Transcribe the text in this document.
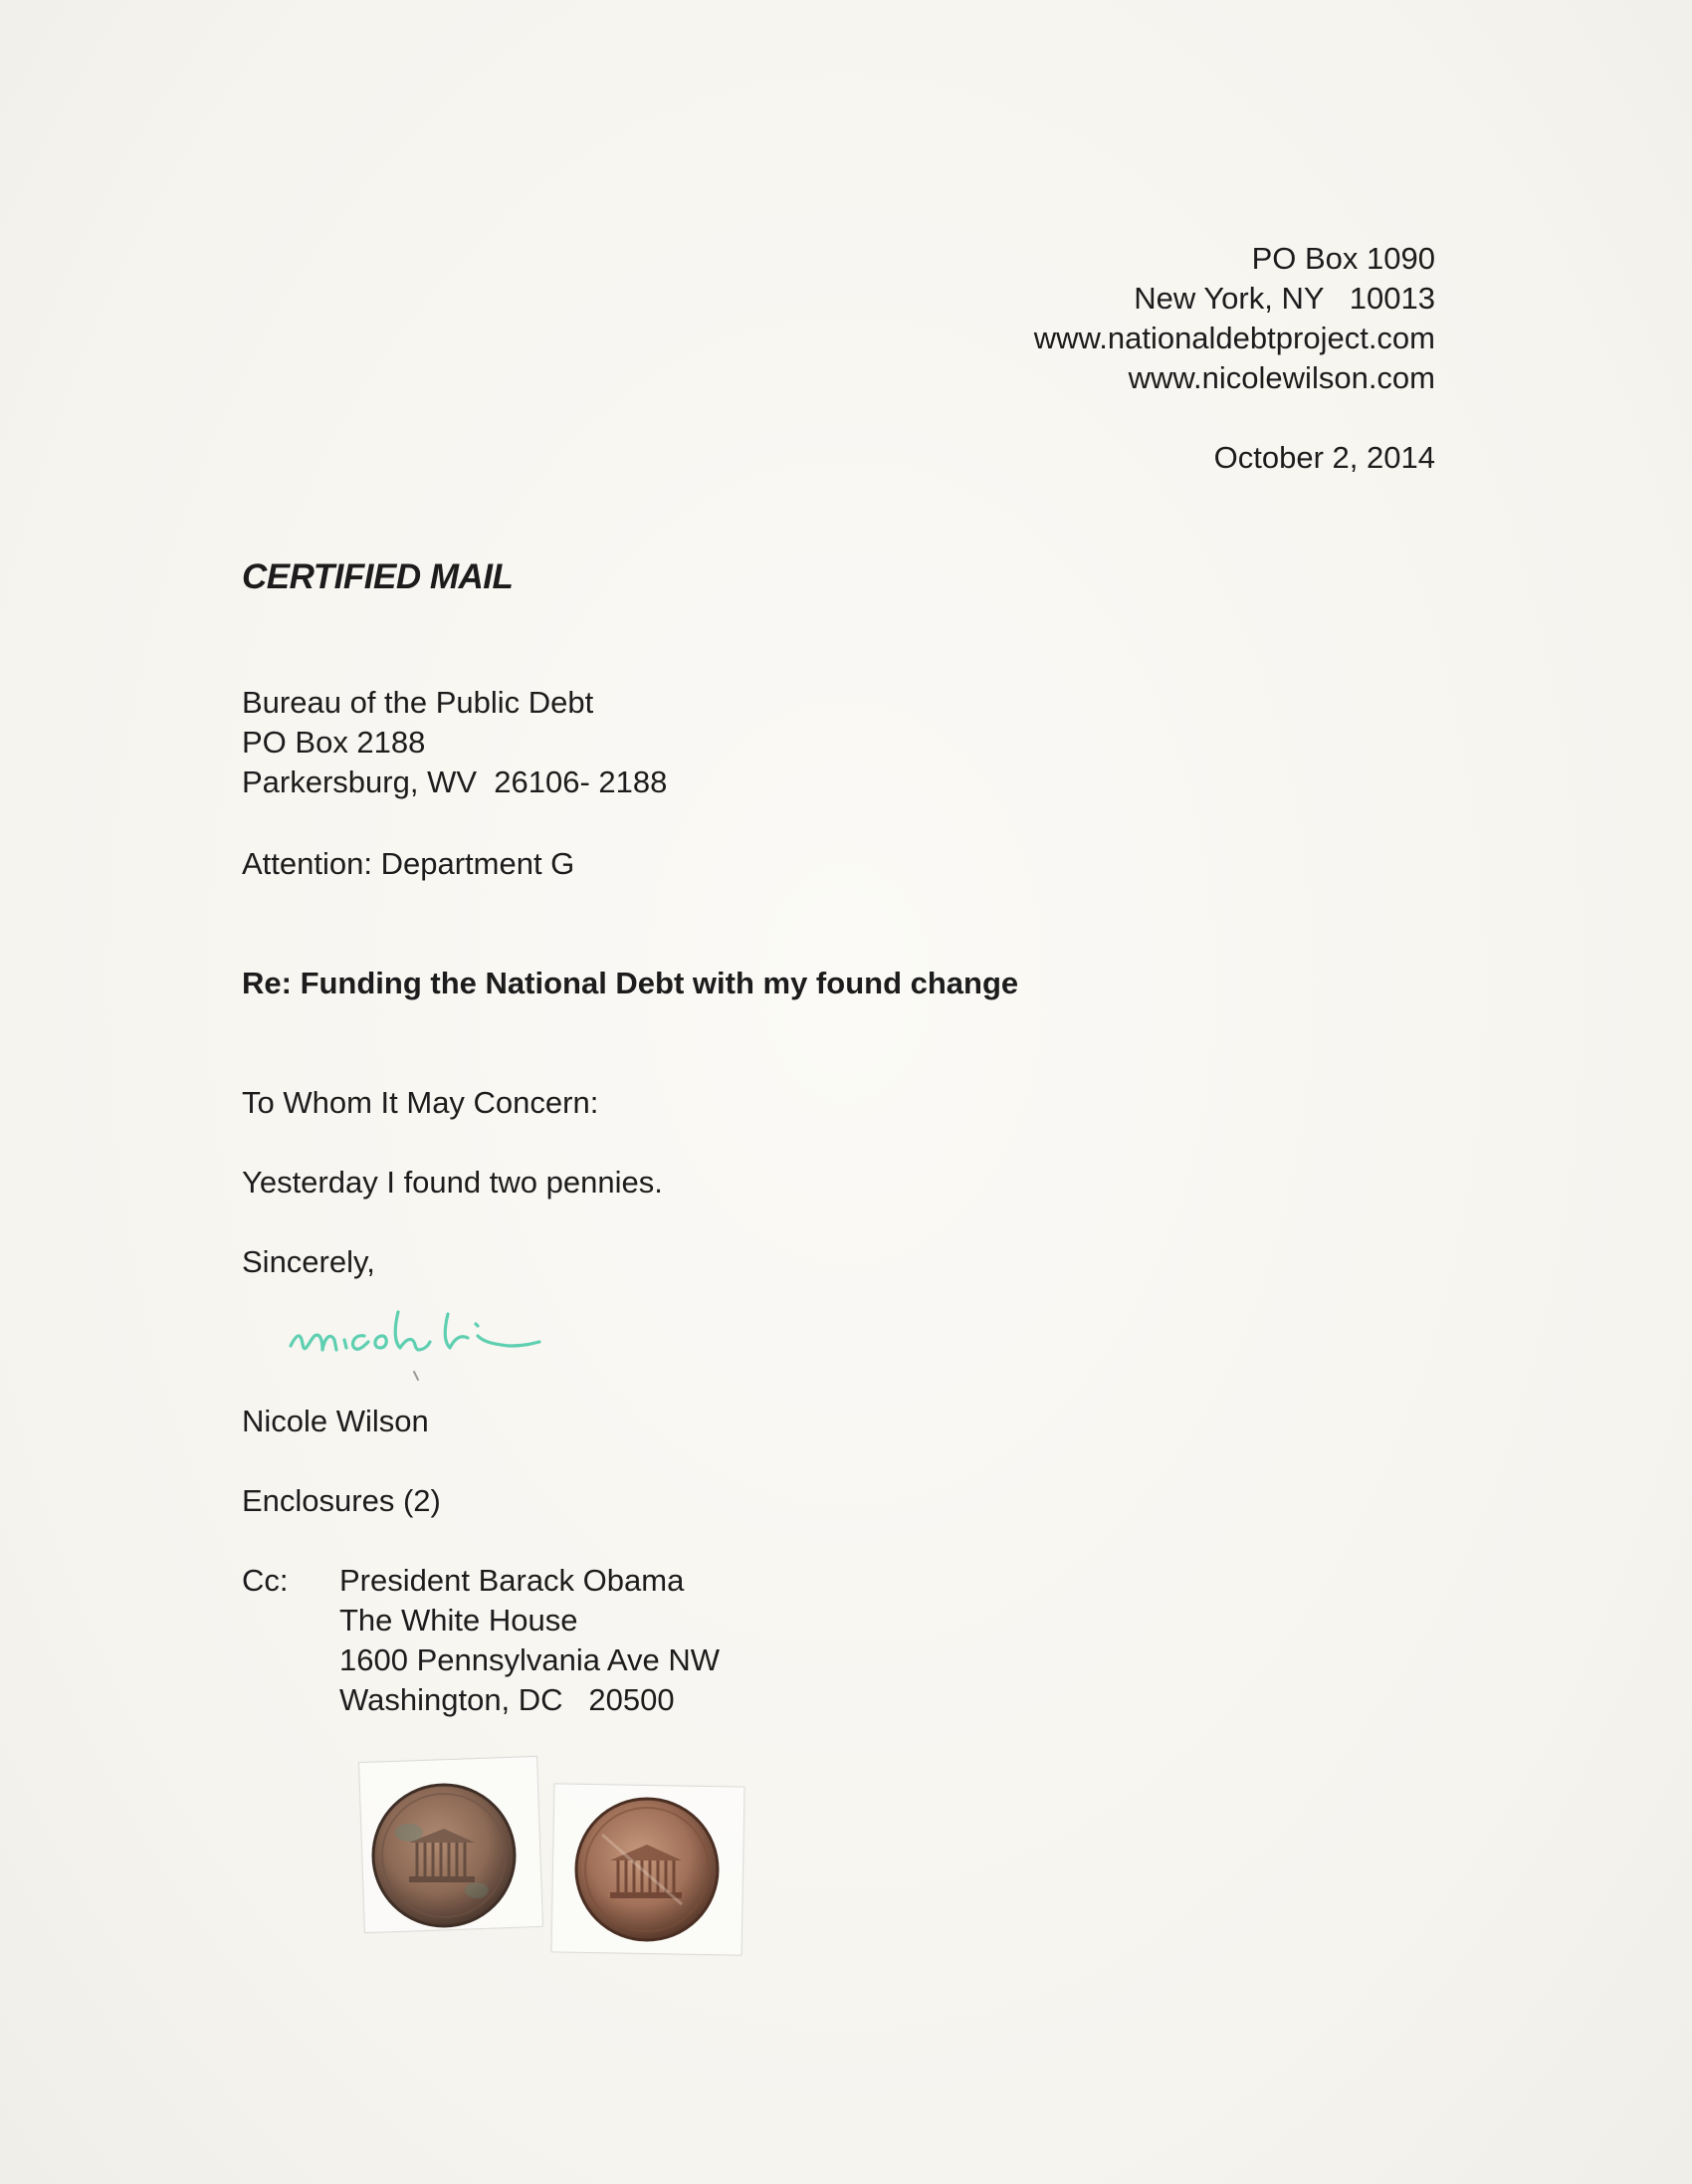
PO Box 1090
New York, NY   10013
www.nationaldebtproject.com
www.nicolewilson.com
October 2, 2014
CERTIFIED MAIL
Bureau of the Public Debt
PO Box 2188
Parkersburg, WV  26106- 2188
Attention: Department G
Re: Funding the National Debt with my found change
To Whom It May Concern:
Yesterday I found two pennies.
Sincerely,
Nicole Wilson
Enclosures (2)
Cc: President Barack Obama
The White House
1600 Pennsylvania Ave NW
Washington, DC   20500
